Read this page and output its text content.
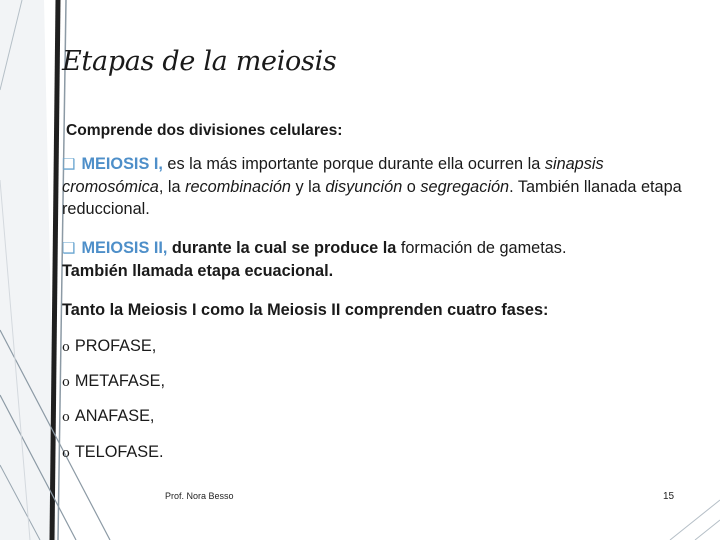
Etapas de la meiosis
Comprende dos divisiones celulares:
❑ MEIOSIS I, es la más importante porque durante ella ocurren la sinapsis cromosómica, la recombinación y la disyunción o segregación. También llanada etapa reduccional.
❑ MEIOSIS II, durante la cual se produce la formación de gametas.
También llamada etapa ecuacional.
Tanto la Meiosis I como la Meiosis II comprenden cuatro fases:
o PROFASE,
o METAFASE,
o ANAFASE,
o TELOFASE.
Prof. Nora Besso	15
